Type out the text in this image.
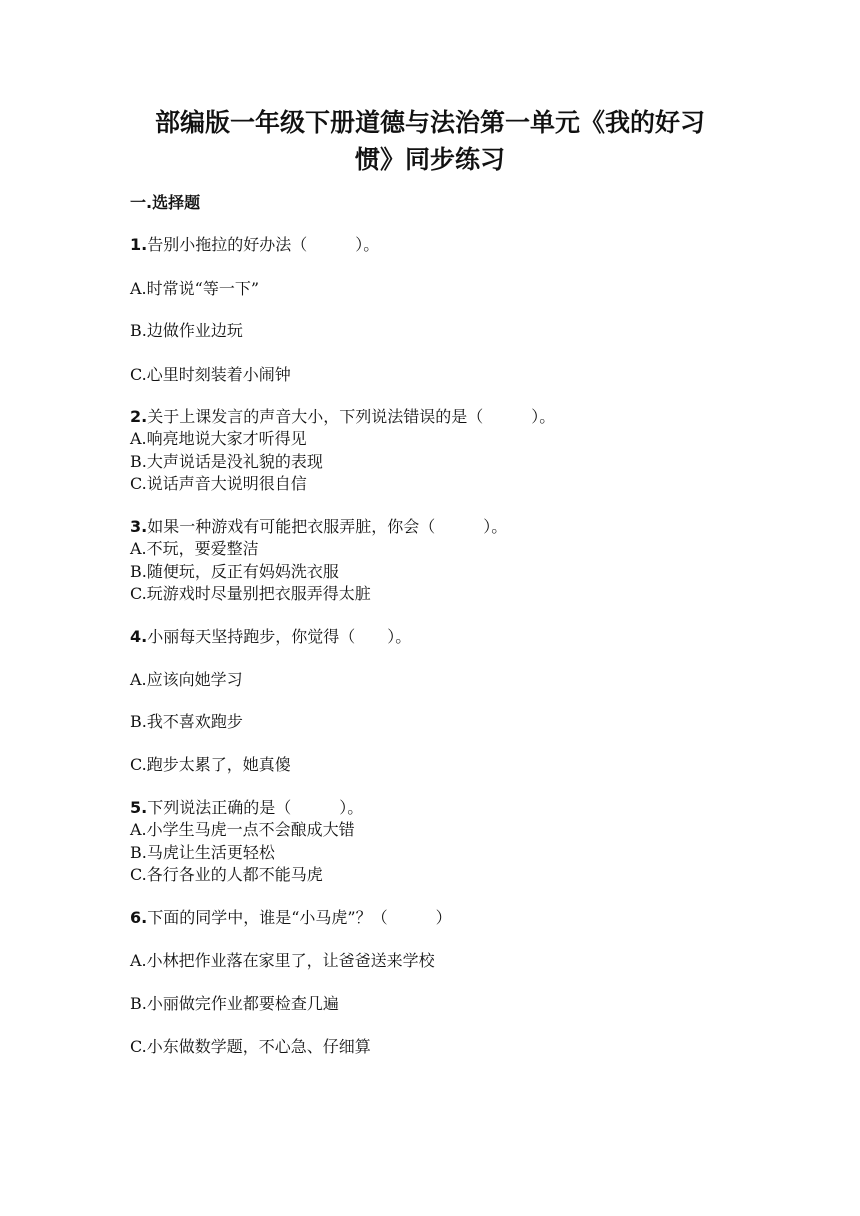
部编版一年级下册道德与法治第一单元《我的好习
惯》同步练习
一.选择题
1.告别小拖拉的好办法（　　　）。
A.时常说“等一下”
B.边做作业边玩
C.心里时刻装着小闹钟
2.关于上课发言的声音大小，下列说法错误的是（　　　）。
A.响亮地说大家才听得见
B.大声说话是没礼貌的表现
C.说话声音大说明很自信
3.如果一种游戏有可能把衣服弄脏，你会（　　　）。
A.不玩，要爱整洁
B.随便玩，反正有妈妈洗衣服
C.玩游戏时尽量别把衣服弄得太脏
4.小丽每天坚持跑步，你觉得（　　）。
A.应该向她学习
B.我不喜欢跑步
C.跑步太累了，她真傻
5.下列说法正确的是（　　　）。
A.小学生马虎一点不会酿成大错
B.马虎让生活更轻松
C.各行各业的人都不能马虎
6.下面的同学中，谁是“小马虎”？（　　　）
A.小林把作业落在家里了，让爸爸送来学校
B.小丽做完作业都要检查几遍
C.小东做数学题，不心急、仔细算
